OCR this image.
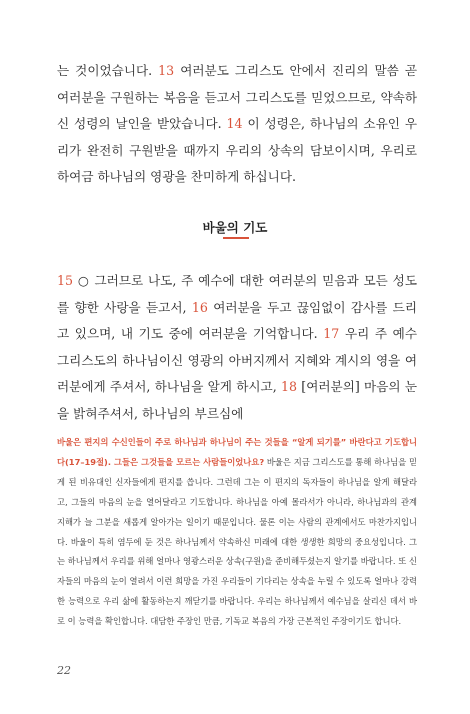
는 것이었습니다. 13 여러분도 그리스도 안에서 진리의 말씀 곧 여러분을 구원하는 복음을 듣고서 그리스도를 믿었으므로, 약속하신 성령의 날인을 받았습니다. 14 이 성령은, 하나님의 소유인 우리가 완전히 구원받을 때까지 우리의 상속의 담보이시며, 우리로 하여금 하나님의 영광을 찬미하게 하십니다.

바울의 기도

15 ○ 그러므로 나도, 주 예수에 대한 여러분의 믿음과 모든 성도를 향한 사랑을 듣고서, 16 여러분을 두고 끊임없이 감사를 드리고 있으며, 내 기도 중에 여러분을 기억합니다. 17 우리 주 예수 그리스도의 하나님이신 영광의 아버지께서 지혜와 계시의 영을 여러분에게 주셔서, 하나님을 알게 하시고, 18 [여러분의] 마음의 눈을 밝혀주셔서, 하나님의 부르심에

바울은 편지의 수신인들이 주로 하나님과 하나님이 주는 것들을 “알게 되기를” 바란다고 기도합니다(17–19절). 그들은 그것들을 모르는 사람들이었나요? 바울은 지금 그리스도를 통해 하나님을 믿게 된 비유대인 신자들에게 편지를 씁니다. 그런데 그는 이 편지의 독자들이 하나님을 알게 해달라고, 그들의 마음의 눈을 열어달라고 기도합니다. 하나님을 아예 몰라서가 아니라, 하나님과의 관계 지해가 늘 그분을 새롭게 알아가는 일이기 때문입니다. 물론 이는 사람의 관계에서도 마찬가지입니다. 바울이 특히 염두에 둔 것은 하나님께서 약속하신 미래에 대한 생생한 희망의 중요성입니다. 그는 하나님께서 우리를 위해 얼마나 영광스러운 상속(구원)을 준비해두셨는지 알기를 바랍니다. 또 신자들의 마음의 눈이 열려서 이런 희망을 가진 우리들이 기다리는 상속을 누릴 수 있도록 얼마나 강력한 능력으로 우리 삶에 활동하는지 깨닫기를 바랍니다. 우리는 하나님께서 예수님을 살리신 데서 바로 이 능력을 확인합니다. 대담한 주장인 만큼, 기독교 복음의 가장 근본적인 주장이기도 합니다.

22
